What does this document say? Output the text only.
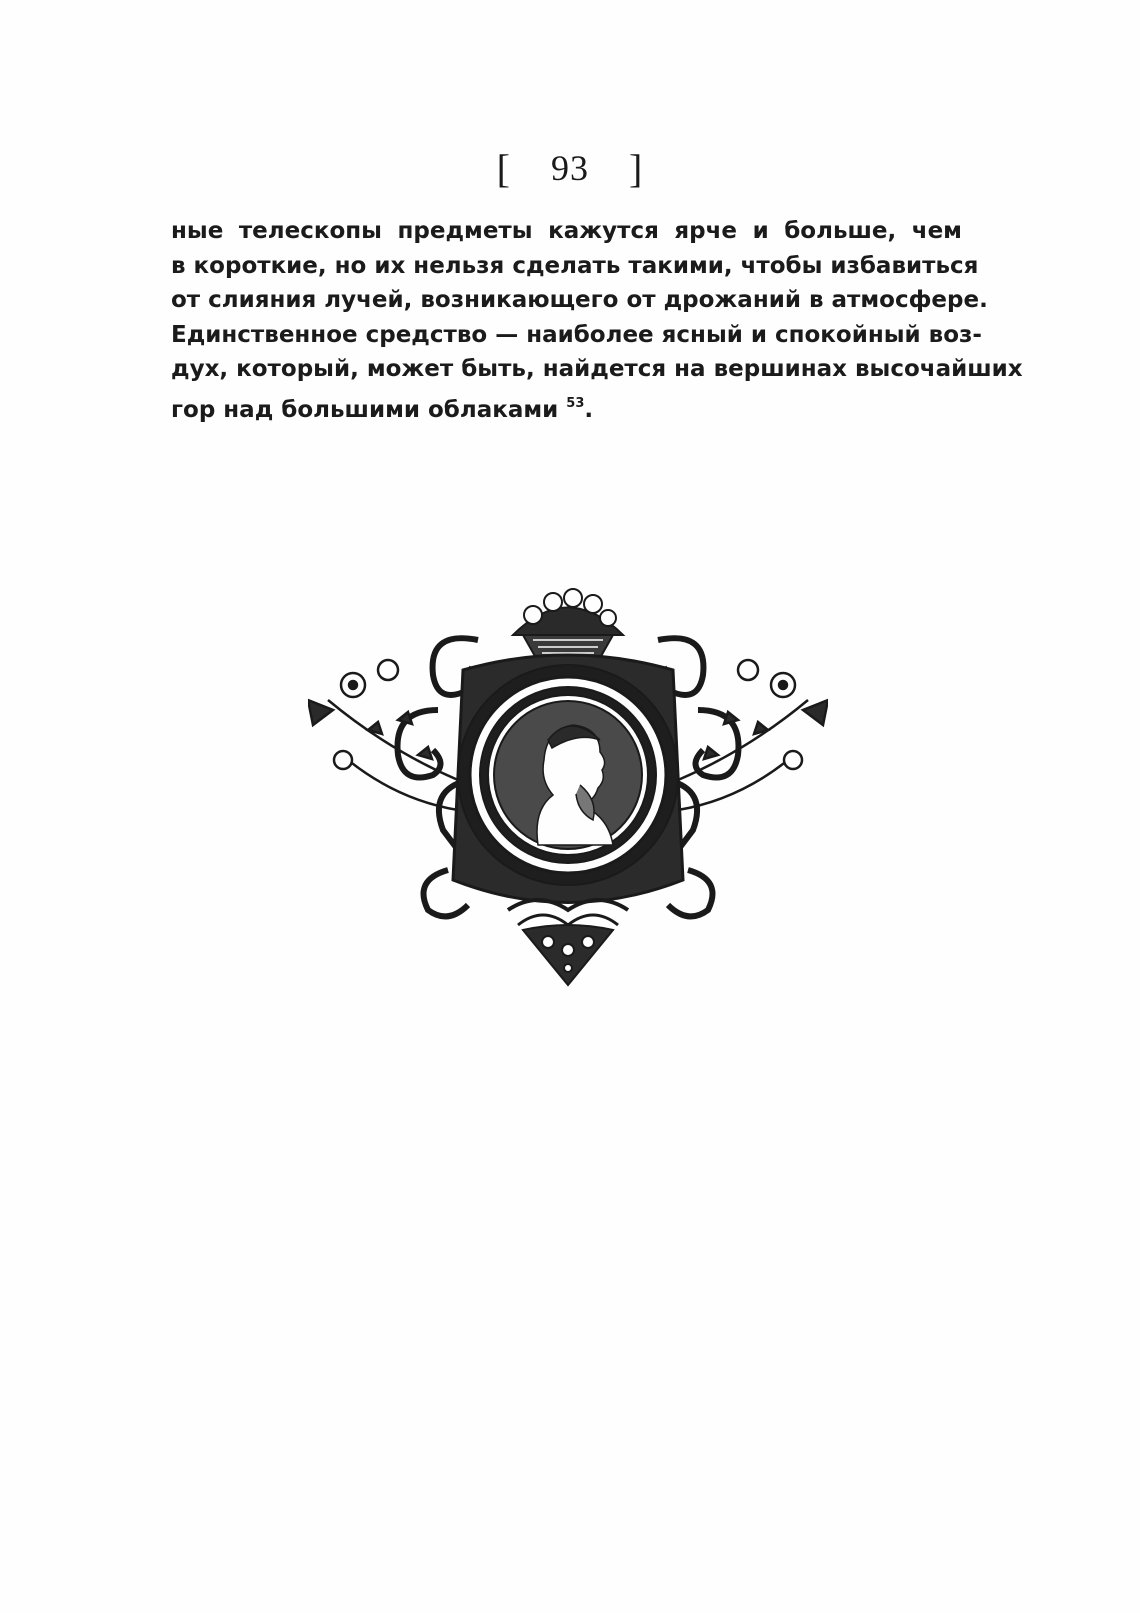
[ 93 ]
ные телескопы предметы кажутся ярче и больше, чем
в короткие, но их нельзя сделать такими, чтобы избавиться
от слияния лучей, возникающего от дрожаний в атмосфере.
Единственное средство — наиболее ясный и спокойный воз-
дух, который, может быть, найдется на вершинах высочайших
гор над большими облаками $^{53}$.
